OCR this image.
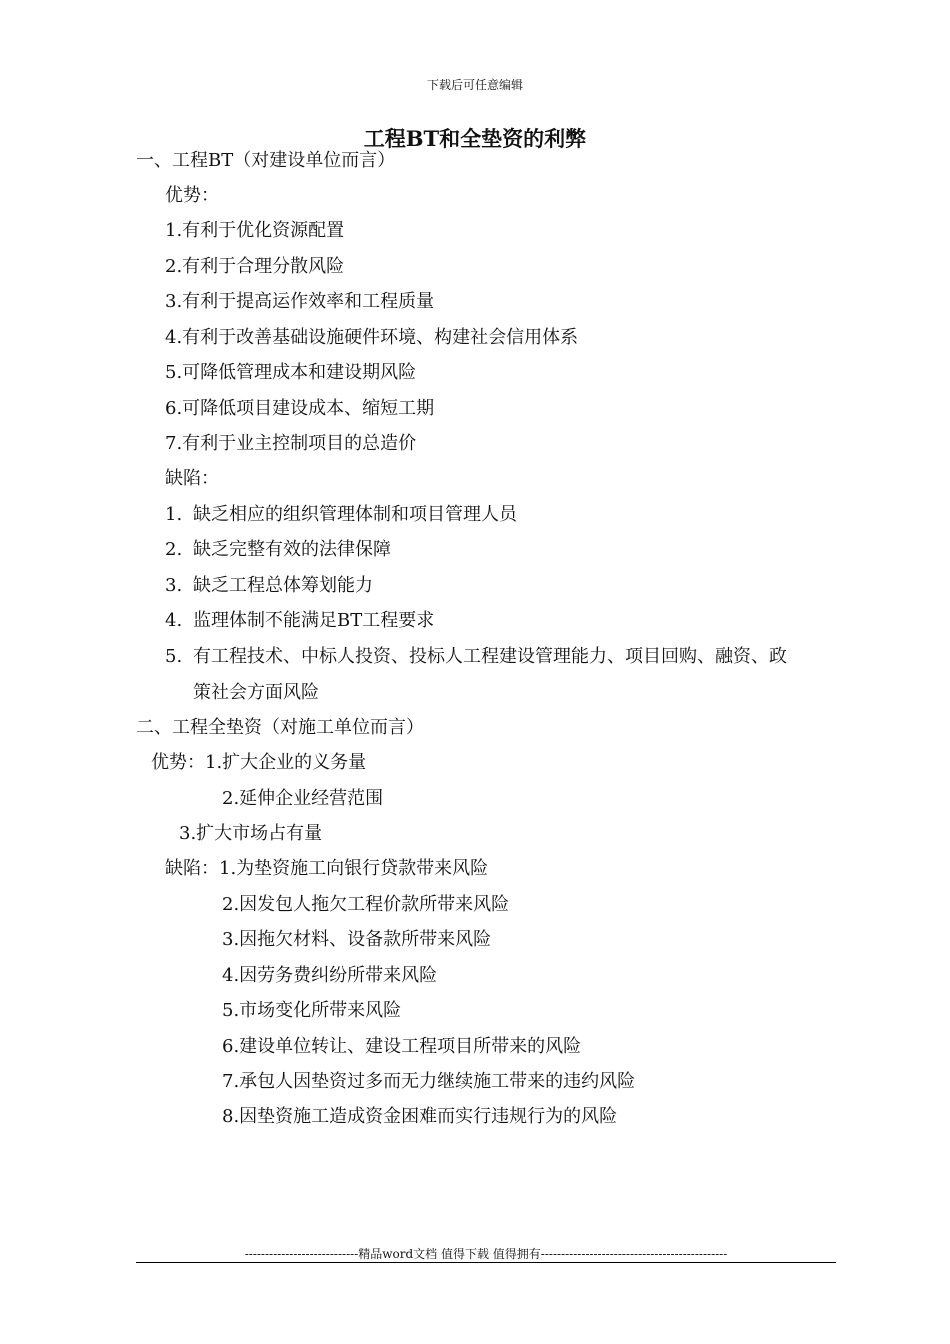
下载后可任意编辑
工程BT和全垫资的利弊
一、工程BT（对建设单位而言）
优势：
1.有利于优化资源配置
2.有利于合理分散风险
3.有利于提高运作效率和工程质量
4.有利于改善基础设施硬件环境、构建社会信用体系
5.可降低管理成本和建设期风险
6.可降低项目建设成本、缩短工期
7.有利于业主控制项目的总造价
缺陷：
1. 缺乏相应的组织管理体制和项目管理人员
2. 缺乏完整有效的法律保障
3. 缺乏工程总体筹划能力
4. 监理体制不能满足BT工程要求
5. 有工程技术、中标人投资、投标人工程建设管理能力、项目回购、融资、政
策社会方面风险
二、工程全垫资（对施工单位而言）
优势：1.扩大企业的义务量
2.延伸企业经营范围
3.扩大市场占有量
缺陷：1.为垫资施工向银行贷款带来风险
2.因发包人拖欠工程价款所带来风险
3.因拖欠材料、设备款所带来风险
4.因劳务费纠纷所带来风险
5.市场变化所带来风险
6.建设单位转让、建设工程项目所带来的风险
7.承包人因垫资过多而无力继续施工带来的违约风险
8.因垫资施工造成资金困难而实行违规行为的风险
----------------------------精品word文档 值得下载 值得拥有----------------------------------------------
